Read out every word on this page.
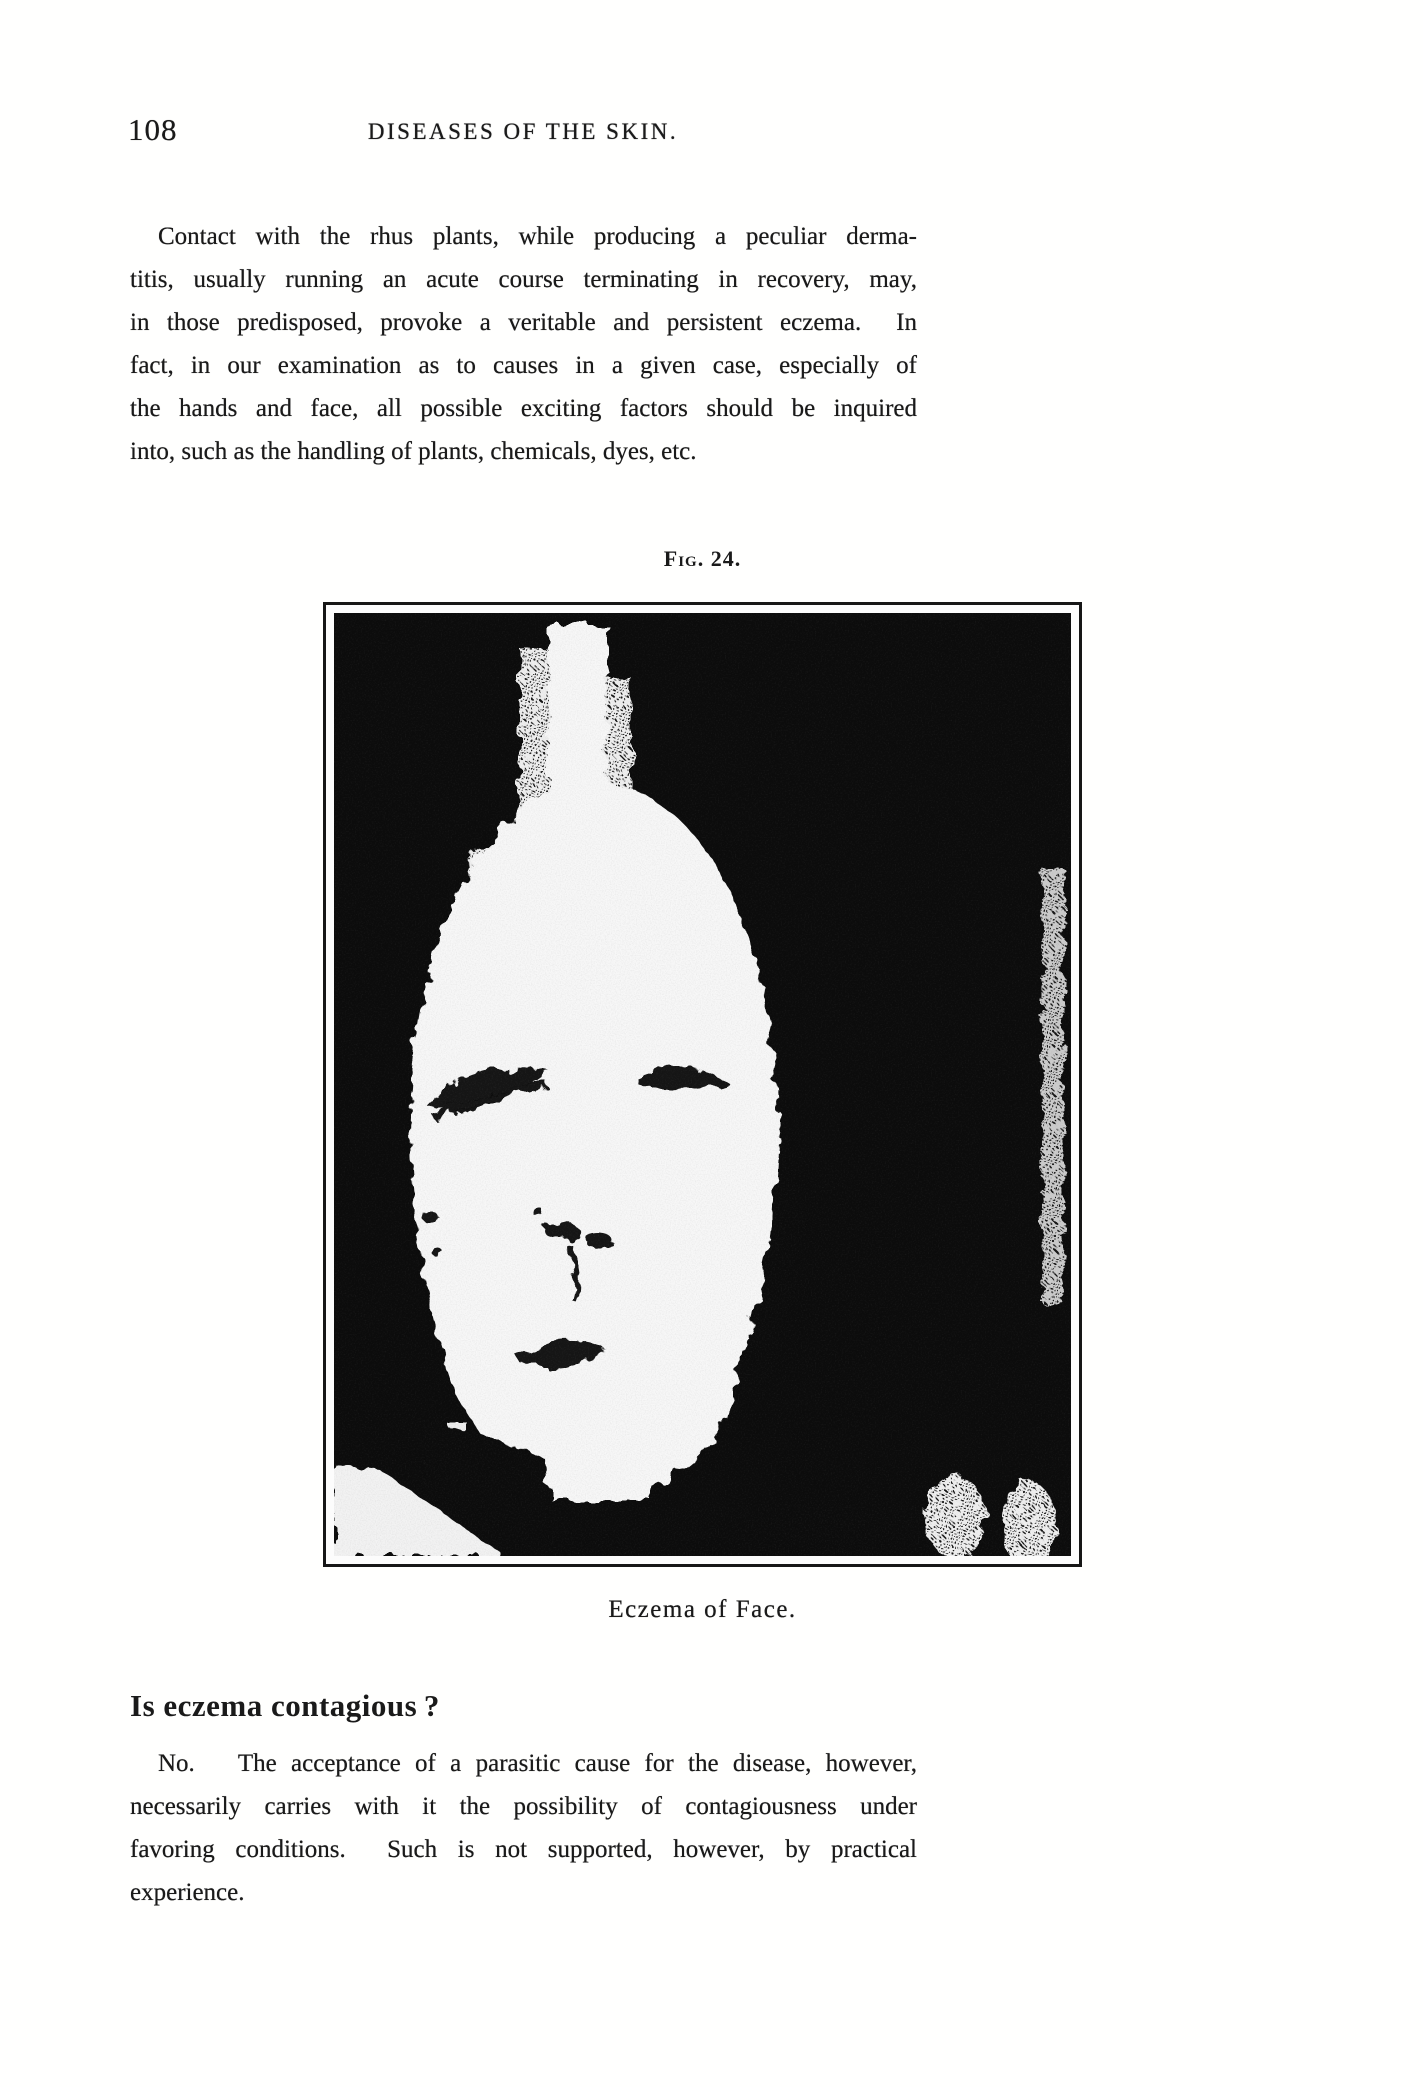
108	DISEASES OF THE SKIN.
Contact with the rhus plants, while producing a peculiar derma-
titis, usually running an acute course terminating in recovery, may,
in those predisposed, provoke a veritable and persistent eczema.  In
fact, in our examination as to causes in a given case, especially of
the hands and face, all possible exciting factors should be inquired
into, such as the handling of plants, chemicals, dyes, etc.
Fig. 24.
Eczema of Face.
Is eczema contagious ?
No.   The acceptance of a parasitic cause for the disease, however,
necessarily carries with it the possibility of contagiousness under
favoring conditions.  Such is not supported, however, by practical
experience.
